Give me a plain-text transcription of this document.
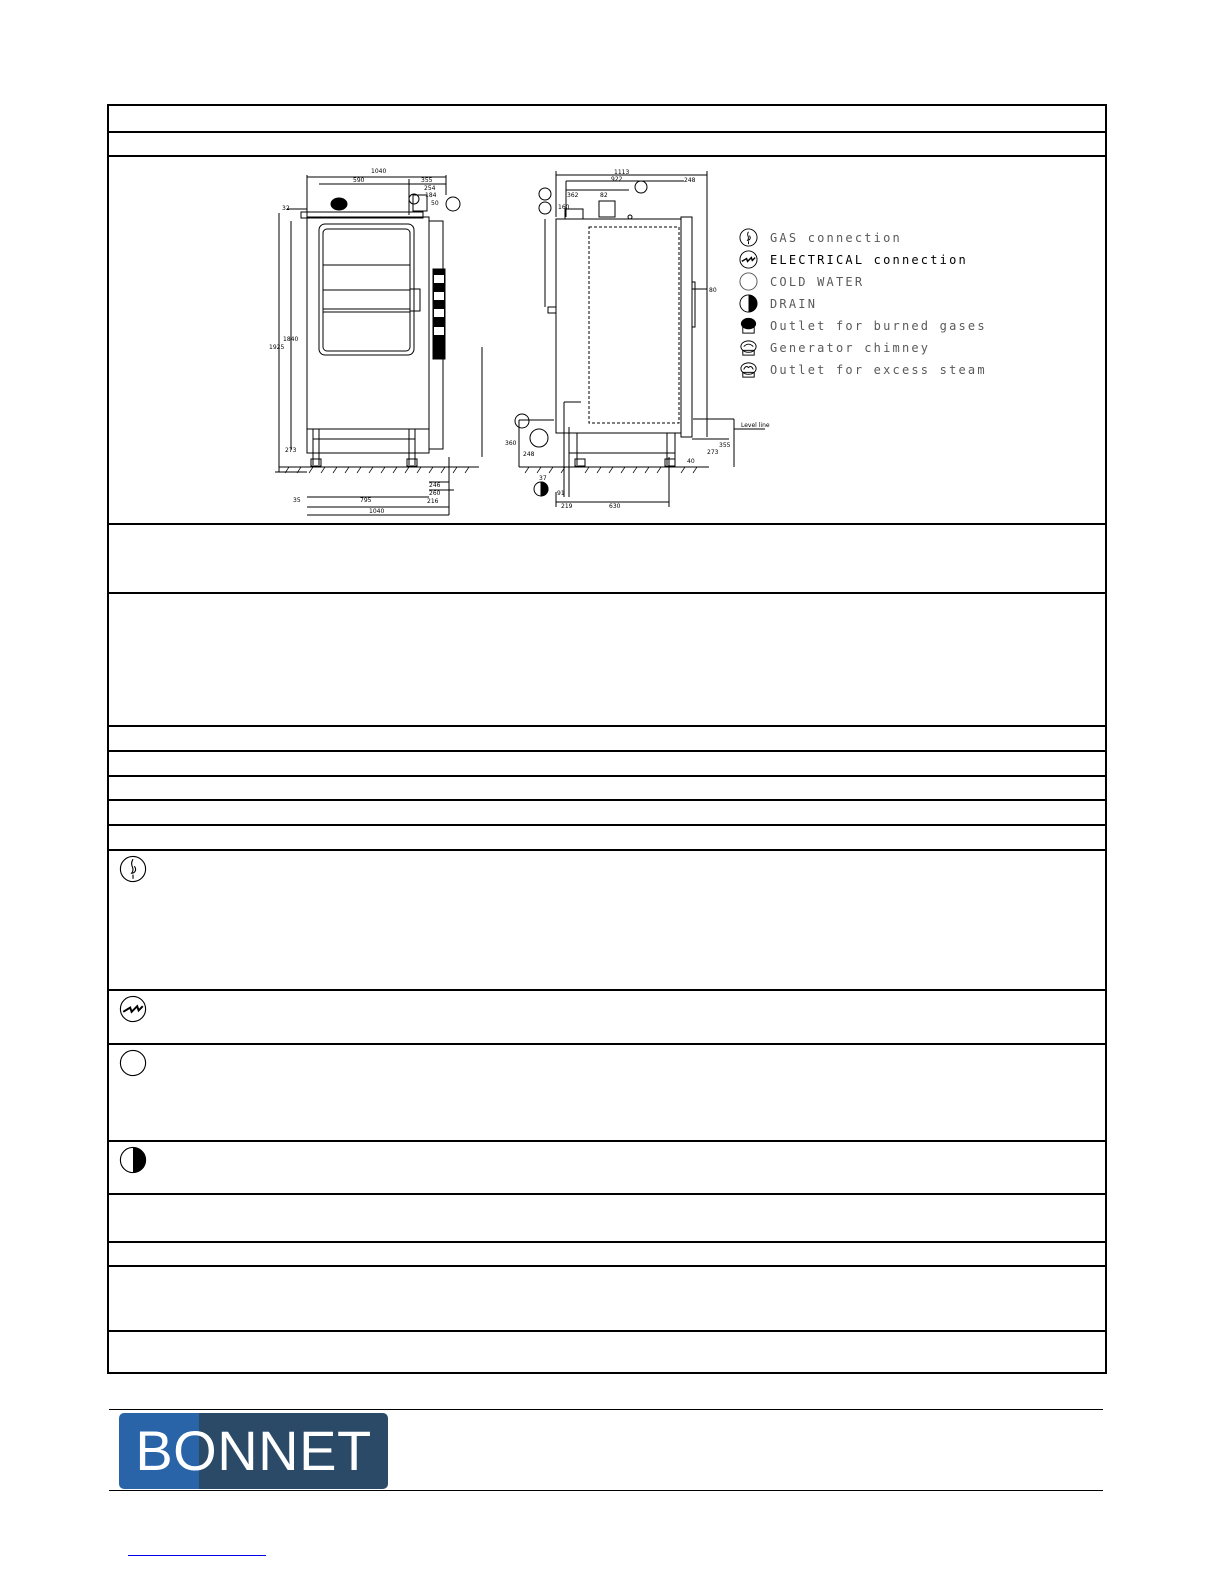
1040
590	355
254
184
50
32
1925
1840
273
35	795
1040
216
246
260
1113
922	248
362
160
82
80
273
355
360
248
37
91
219	630
40
Level line
GAS connection
ELECTRICAL connection
COLD WATER
DRAIN
Outlet for burned gases
Generator chimney
Outlet for excess steam
BONNET
